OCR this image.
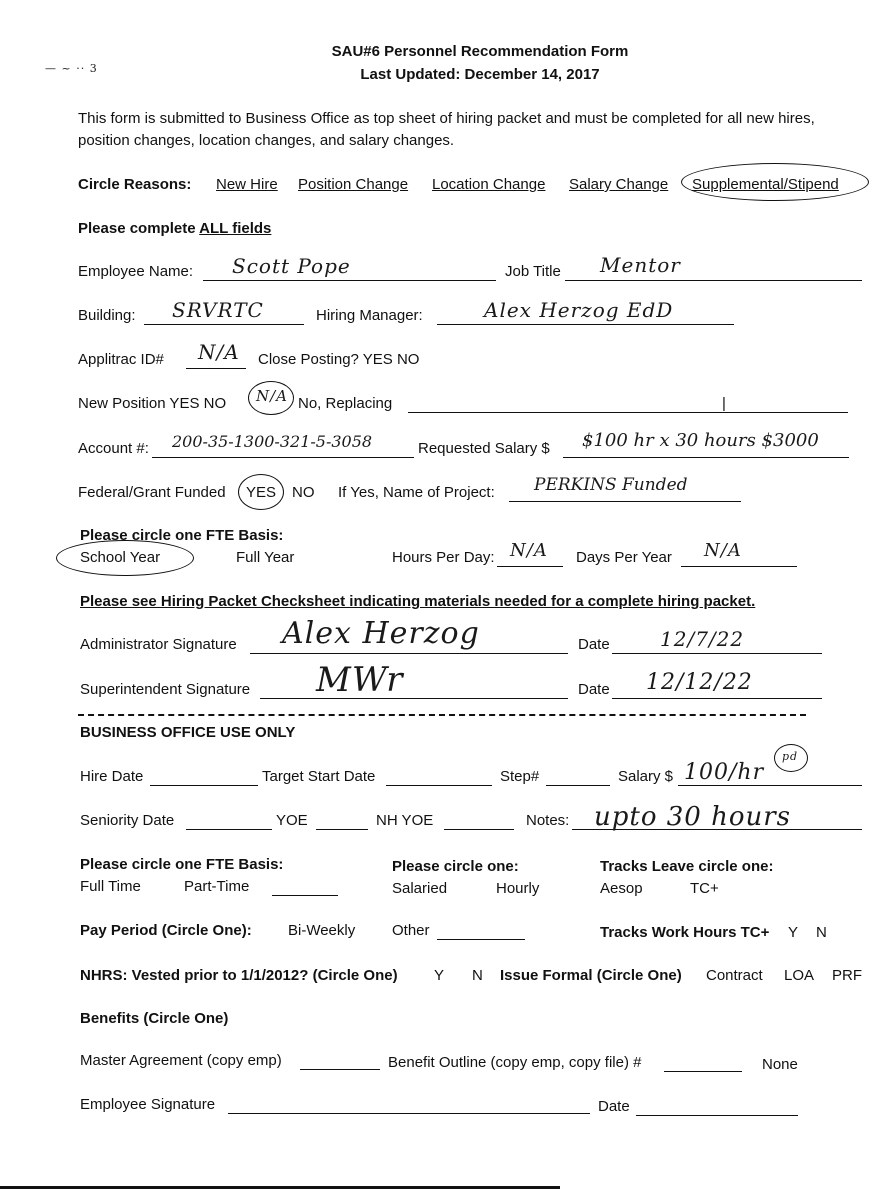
— ~ ·· 3
SAU#6 Personnel Recommendation Form
Last Updated: December 14, 2017
This form is submitted to Business Office as top sheet of hiring packet and must be completed for all new hires,
position changes, location changes, and salary changes.
Circle Reasons: New Hire Position Change Location Change Salary Change Supplemental/Stipend
Please complete ALL fields
Employee Name: Scott Pope	Job Title Mentor
Building: SRVRTC	Hiring Manager:	Alex Herzog EdD
Applitrac ID# N/A Close Posting? YES NO
New Position YES NO N/A No, Replacing	|
Account #: 200-35-1300-321-5-3058	Requested Salary $ $100 hr x 30 hours $3000
Federal/Grant Funded YES NO If Yes, Name of Project: PERKINS Funded
Please circle one FTE Basis:
School Year	Full Year	Hours Per Day: N/A Days Per Year N/A
Please see Hiring Packet Checksheet indicating materials needed for a complete hiring packet.
Administrator Signature Alex Herzog	Date	12/7/22
Superintendent Signature MWr	Date 12/12/22
BUSINESS OFFICE USE ONLY
Hire Date	Target Start Date	Step#	Salary $ 100/hr
pd
Seniority Date	YOE	NH YOE	Notes: upto 30 hours
Please circle one FTE Basis:
Full Time	Part-Time
Please circle one:
Salaried	Hourly
Tracks Leave circle one:
Aesop	TC+
Pay Period (Circle One): Bi-Weekly Other	Tracks Work Hours TC+ Y N
NHRS: Vested prior to 1/1/2012? (Circle One) Y N Issue Formal (Circle One) Contract LOA PRF
Benefits (Circle One)
Master Agreement (copy emp)	Benefit Outline (copy emp, copy file) #	None
Employee Signature	Date
